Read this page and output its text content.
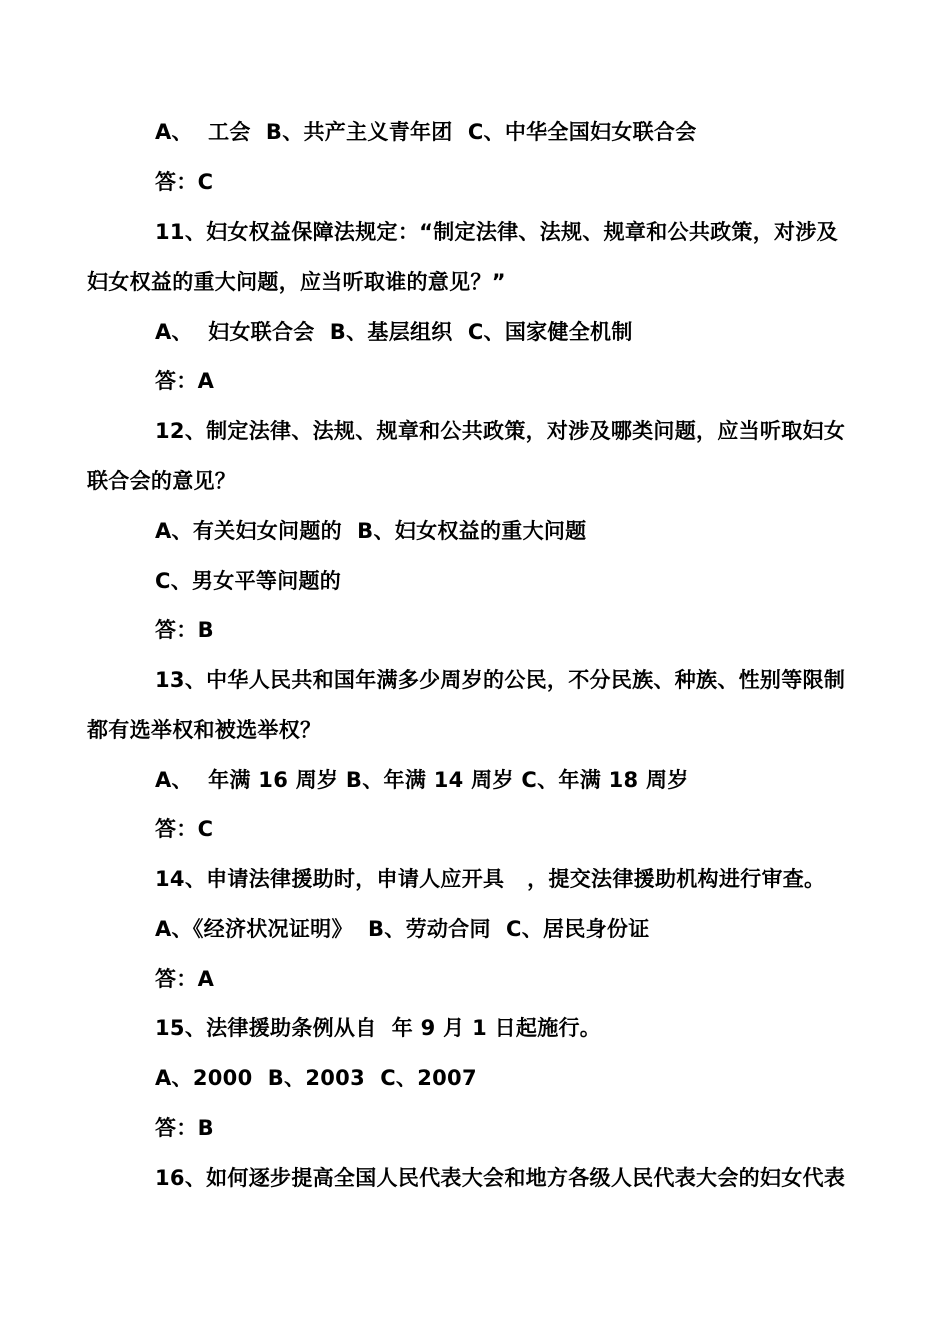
A、  工会  B、共产主义青年团  C、中华全国妇女联合会
答：C
11、妇女权益保障法规定：“制定法律、法规、规章和公共政策，对涉及
妇女权益的重大问题，应当听取谁的意见？”
A、  妇女联合会  B、基层组织  C、国家健全机制
答：A
12、制定法律、法规、规章和公共政策，对涉及哪类问题，应当听取妇女
联合会的意见？
A、有关妇女问题的  B、妇女权益的重大问题
C、男女平等问题的
答：B
13、中华人民共和国年满多少周岁的公民，不分民族、种族、性别等限制
都有选举权和被选举权？
A、  年满 16 周岁 B、年满 14 周岁 C、年满 18 周岁
答：C
14、申请法律援助时，申请人应开具   ，提交法律援助机构进行审查。
A、《经济状况证明》  B、劳动合同  C、居民身份证
答：A
15、法律援助条例从自  年 9 月 1 日起施行。
A、2000  B、2003  C、2007
答：B
16、如何逐步提高全国人民代表大会和地方各级人民代表大会的妇女代表
